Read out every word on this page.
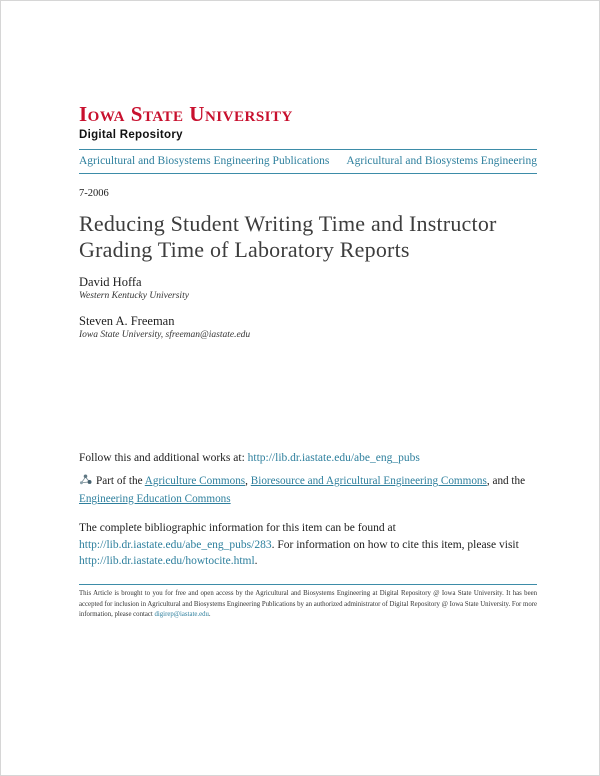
Iowa State University
Digital Repository
Agricultural and Biosystems Engineering Publications	Agricultural and Biosystems Engineering
7-2006
Reducing Student Writing Time and Instructor
Grading Time of Laboratory Reports
David Hoffa
Western Kentucky University
Steven A. Freeman
Iowa State University, sfreeman@iastate.edu
Follow this and additional works at: http://lib.dr.iastate.edu/abe_eng_pubs
Part of the Agriculture Commons, Bioresource and Agricultural Engineering Commons, and the Engineering Education Commons

The complete bibliographic information for this item can be found at http://lib.dr.iastate.edu/abe_eng_pubs/283. For information on how to cite this item, please visit http://lib.dr.iastate.edu/howtocite.html.

This Article is brought to you for free and open access by the Agricultural and Biosystems Engineering at Digital Repository @ Iowa State University. It has been accepted for inclusion in Agricultural and Biosystems Engineering Publications by an authorized administrator of Digital Repository @ Iowa State University. For more information, please contact digirep@iastate.edu.
